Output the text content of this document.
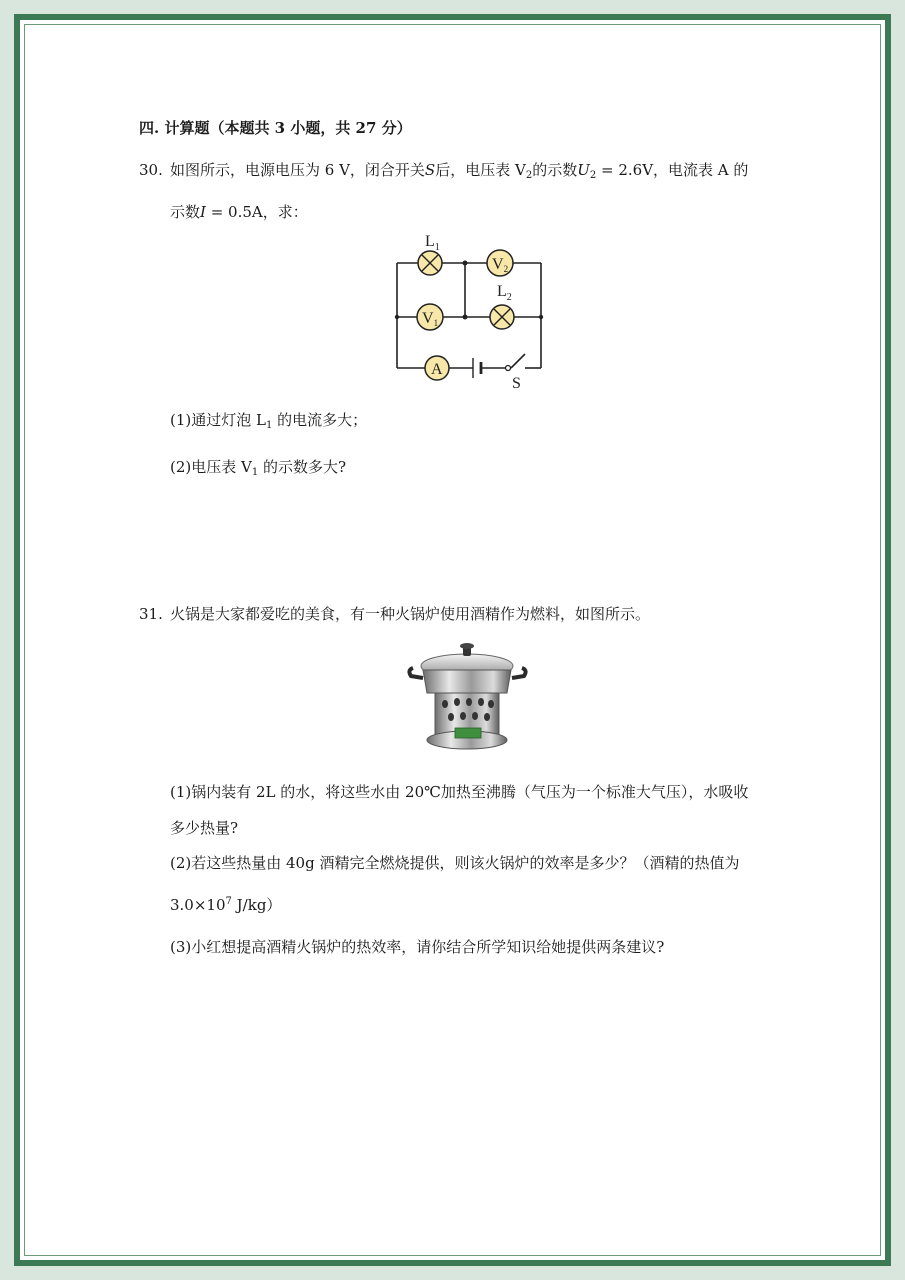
四. 计算题（本题共 3 小题，共 27 分）
30. 如图所示，电源电压为 6 V，闭合开关S后，电压表 $V_2$的示数$U_2 = 2.6V$，电流表 A 的
示数I = 0.5A，求：
$L_1$
V2
$L_2$
V1
A
S
(1)通过灯泡 $L_1$ 的电流多大；
(2)电压表 $V_1$ 的示数多大?
31. 火锅是大家都爱吃的美食，有一种火锅炉使用酒精作为燃料，如图所示。
(1)锅内装有 2L 的水，将这些水由 20℃加热至沸腾（气压为一个标准大气压），水吸收
多少热量?
(2)若这些热量由 40g 酒精完全燃烧提供，则该火锅炉的效率是多少？（酒精的热值为
$3.0\times 10^7$ J/kg）
(3)小红想提高酒精火锅炉的热效率，请你结合所学知识给她提供两条建议?
